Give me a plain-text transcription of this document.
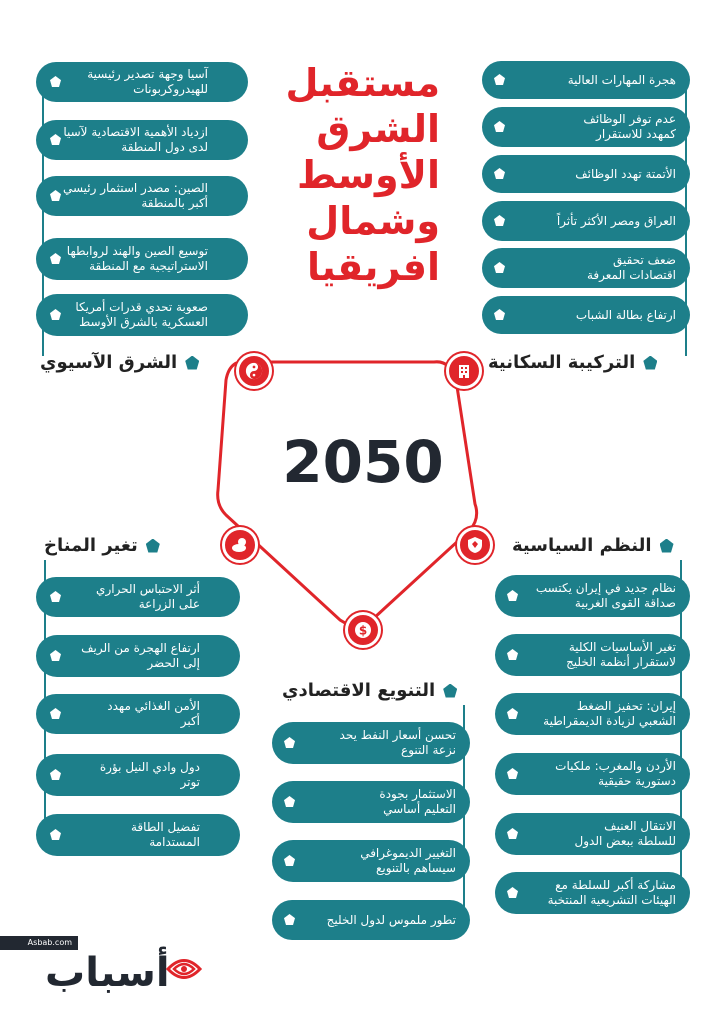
مستقبل
الشرق
الأوسط
وشمال
افريقيا
2050
$
هجرة المهارات العالية
عدم توفر الوظائف
كمهدد للاستقرار
الأتمتة تهدد الوظائف
العراق ومصر الأكثر تأثراً
ضعف تحقيق
اقتصادات المعرفة
ارتفاع بطالة الشباب
التركيبة السكانية
آسيا وجهة تصدير رئيسية
للهيدروكربونات
ازدياد الأهمية الاقتصادية لآسيا
لدى دول المنطقة
الصين: مصدر استثمار رئيسي
أكبر بالمنطقة
توسيع الصين والهند لروابطها
الاستراتيجية مع المنطقة
صعوبة تحدي قدرات أمريكا
العسكرية بالشرق الأوسط
الشرق الآسيوي
تغير المناخ
أثر الاحتباس الحراري
على الزراعة
ارتفاع الهجرة من الريف
إلى الحضر
الأمن الغذائي مهدد
أكبر
دول وادي النيل بؤرة
توتر
تفضيل الطاقة
المستدامة
النظم السياسية
نظام جديد في إيران يكتسب
صداقة القوى الغربية
تغير الأساسيات الكلية
لاستقرار أنظمة الخليج
إيران: تحفيز الضغط
الشعبي لزيادة الديمقراطية
الأردن والمغرب: ملكيات
دستورية حقيقية
الانتقال العنيف
للسلطة ببعض الدول
مشاركة أكبر للسلطة مع
الهيئات التشريعية المنتخبة
التنويع الاقتصادي
تحسن أسعار النفط يحد
نزعة التنوع
الاستثمار بجودة
التعليم أساسي
التغيير الديموغرافي
سيساهم بالتنويع
تطور ملموس لدول الخليج
Asbab.com
أسباب
